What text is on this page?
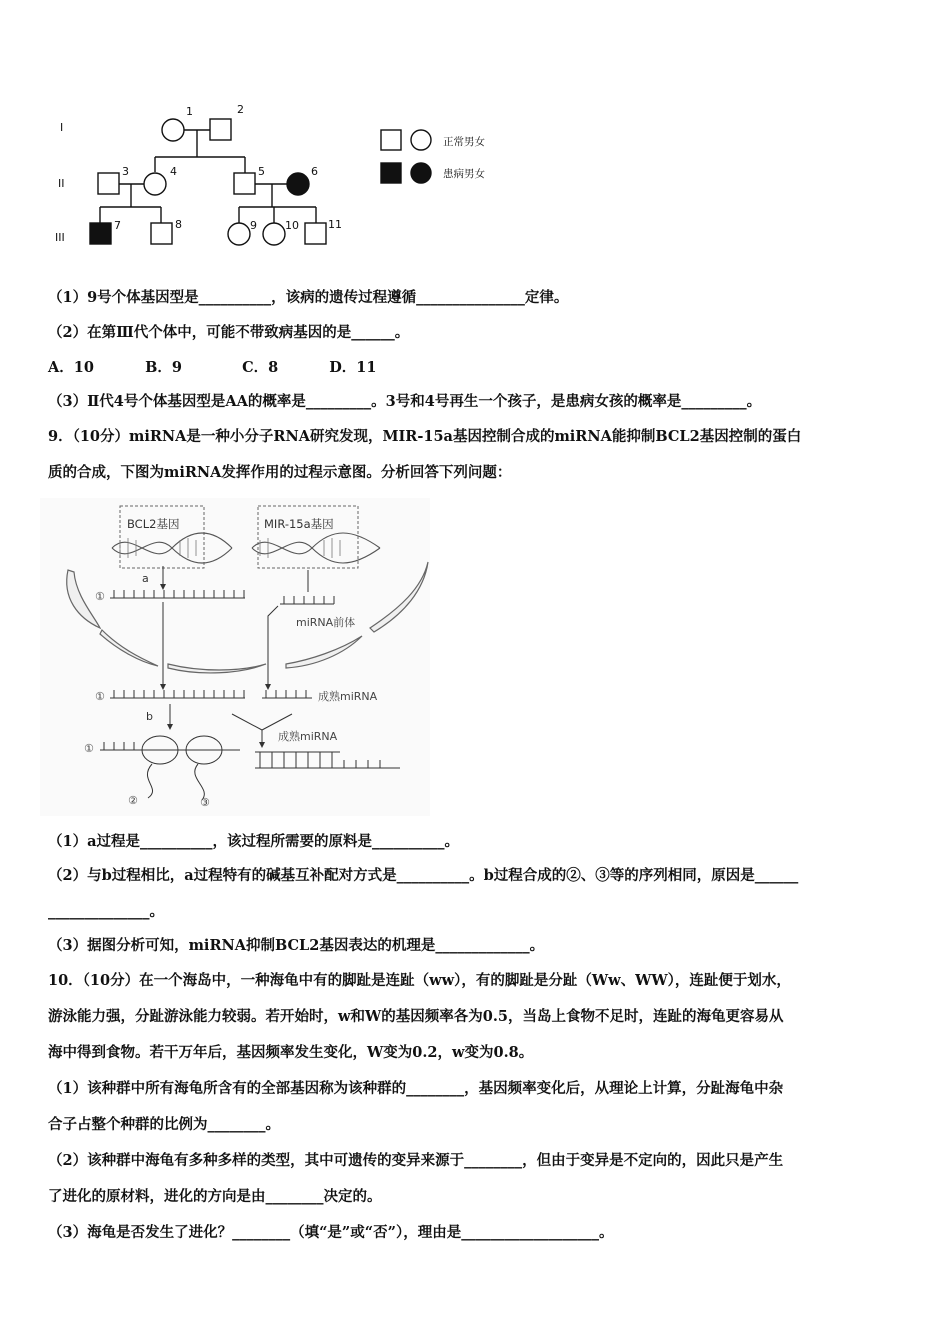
I
II
III
1	2
3	4	5	6
7	8	9	10	11
正常男女
患病男女
（1）9号个体基因型是__________，该病的遗传过程遵循_______________定律。
（2）在第Ⅲ代个体中，可能不带致病基因的是______。
A．10	B．9	C．8	D．11
（3）Ⅱ代4号个体基因型是AA的概率是_________。3号和4号再生一个孩子，是患病女孩的概率是_________。
9．（10分）miRNA是一种小分子RNA研究发现，MIR-15a基因控制合成的miRNA能抑制BCL2基因控制的蛋白
质的合成，下图为miRNA发挥作用的过程示意图。分析回答下列问题：
BCL2基因	MIR-15a基因
a
①
miRNA前体
①	成熟miRNA
b
成熟miRNA
①
②	③
（1）a过程是__________，该过程所需要的原料是__________。
（2）与b过程相比，a过程特有的碱基互补配对方式是__________。b过程合成的②、③等的序列相同，原因是______
______________。
（3）据图分析可知，miRNA抑制BCL2基因表达的机理是_____________。
10．（10分）在一个海岛中，一种海龟中有的脚趾是连趾（ww），有的脚趾是分趾（Ww、WW），连趾便于划水，
游泳能力强，分趾游泳能力较弱。若开始时，w和W的基因频率各为0.5，当岛上食物不足时，连趾的海龟更容易从
海中得到食物。若干万年后，基因频率发生变化，W变为0.2，w变为0.8。
（1）该种群中所有海龟所含有的全部基因称为该种群的________，基因频率变化后，从理论上计算，分趾海龟中杂
合子占整个种群的比例为________。
（2）该种群中海龟有多种多样的类型，其中可遗传的变异来源于________，但由于变异是不定向的，因此只是产生
了进化的原材料，进化的方向是由________决定的。
（3）海龟是否发生了进化？________（填“是”或“否”），理由是___________________。
